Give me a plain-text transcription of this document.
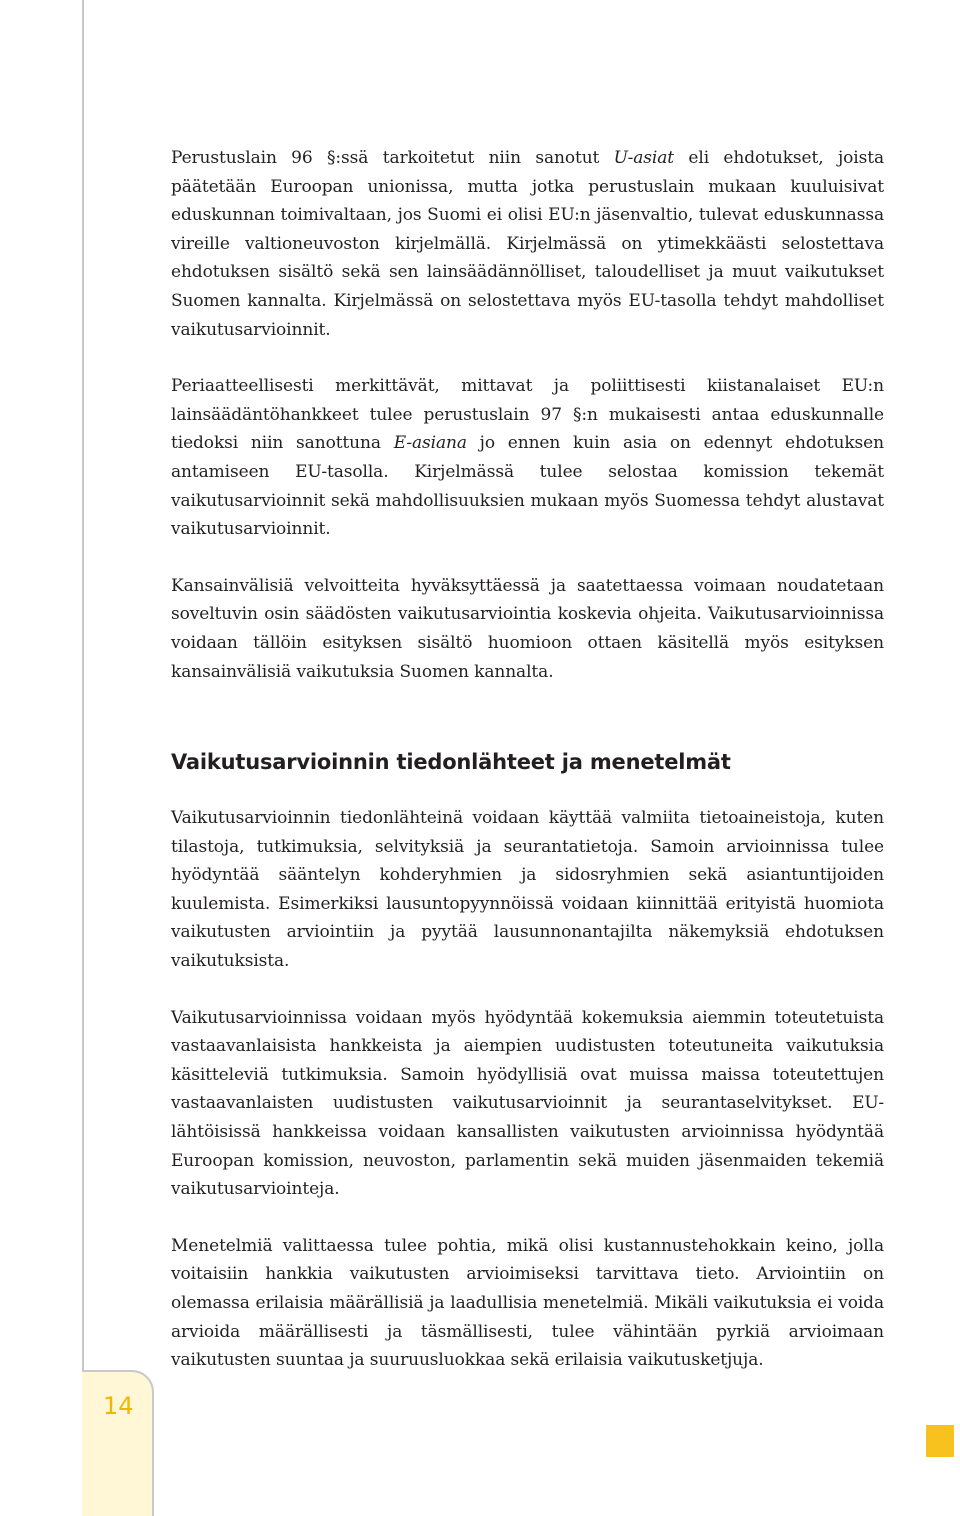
Perustuslain 96 §:ssä tarkoitetut niin sanotut U-asiat eli ehdotukset, joista päätetään Euroopan unionissa, mutta jotka perustuslain mukaan kuuluisivat eduskunnan toimivaltaan, jos Suomi ei olisi EU:n jäsenvaltio, tulevat eduskunnassa vireille valtioneuvoston kirjelmällä. Kirjelmässä on ytimekkäästi selostettava ehdotuksen sisältö sekä sen lainsäädännölliset, taloudelliset ja muut vaikutukset Suomen kannalta. Kirjelmässä on selostettava myös EU-tasolla tehdyt mahdolliset vaikutusarvioinnit.

Periaatteellisesti merkittävät, mittavat ja poliittisesti kiistanalaiset EU:n lainsäädäntöhankkeet tulee perustuslain 97 §:n mukaisesti antaa eduskunnalle tiedoksi niin sanottuna E-asiana jo ennen kuin asia on edennyt ehdotuksen antamiseen EU-tasolla. Kirjelmässä tulee selostaa komission tekemät vaikutusarvioinnit sekä mahdollisuuksien mukaan myös Suomessa tehdyt alustavat vaikutusarvioinnit.

Kansainvälisiä velvoitteita hyväksyttäessä ja saatettaessa voimaan noudatetaan soveltuvin osin säädösten vaikutusarviointia koskevia ohjeita. Vaikutusarvioinnissa voidaan tällöin esityksen sisältö huomioon ottaen käsitellä myös esityksen kansainvälisiä vaikutuksia Suomen kannalta.

Vaikutusarvioinnin tiedonlähteet ja menetelmät

Vaikutusarvioinnin tiedonlähteinä voidaan käyttää valmiita tietoaineistoja, kuten tilastoja, tutkimuksia, selvityksiä ja seurantatietoja. Samoin arvioinnissa tulee hyödyntää sääntelyn kohderyhmien ja sidosryhmien sekä asiantuntijoiden kuulemista. Esimerkiksi lausuntopyynnöissä voidaan kiinnittää erityistä huomiota vaikutusten arviointiin ja pyytää lausunnonantajilta näkemyksiä ehdotuksen vaikutuksista.

Vaikutusarvioinnissa voidaan myös hyödyntää kokemuksia aiemmin toteutetuista vastaavanlaisista hankkeista ja aiempien uudistusten toteutuneita vaikutuksia käsitteleviä tutkimuksia. Samoin hyödyllisiä ovat muissa maissa toteutettujen vastaavanlaisten uudistusten vaikutusarvioinnit ja seurantaselvitykset. EU-lähtöisissä hankkeissa voidaan kansallisten vaikutusten arvioinnissa hyödyntää Euroopan komission, neuvoston, parlamentin sekä muiden jäsenmaiden tekemiä vaikutusarviointeja.

Menetelmiä valittaessa tulee pohtia, mikä olisi kustannustehokkain keino, jolla voitaisiin hankkia vaikutusten arvioimiseksi tarvittava tieto. Arviointiin on olemassa erilaisia määrällisiä ja laadullisia menetelmiä. Mikäli vaikutuksia ei voida arvioida määrällisesti ja täsmällisesti, tulee vähintään pyrkiä arvioimaan vaikutusten suuntaa ja suuruusluokkaa sekä erilaisia vaikutusketjuja.

14
